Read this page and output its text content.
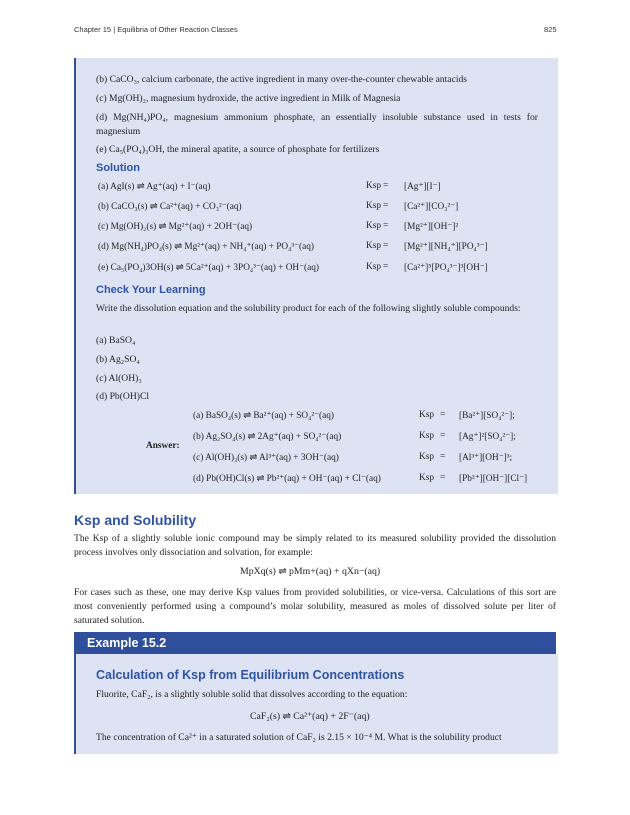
Chapter 15 | Equilibria of Other Reaction Classes	825
(b) CaCO₃, calcium carbonate, the active ingredient in many over-the-counter chewable antacids
(c) Mg(OH)₂, magnesium hydroxide, the active ingredient in Milk of Magnesia
(d) Mg(NH₄)PO₄, magnesium ammonium phosphate, an essentially insoluble substance used in tests for magnesium
(e) Ca₅(PO₄)₃OH, the mineral apatite, a source of phosphate for fertilizers
Solution
(a) AgI(s) ⇌ Ag⁺(aq) + I⁻(aq)	Ksp = [Ag⁺][I⁻]
(b) CaCO₃(s) ⇌ Ca²⁺(aq) + CO₃²⁻(aq)	Ksp = [Ca²⁺][CO₃²⁻]
(c) Mg(OH)₂(s) ⇌ Mg²⁺(aq) + 2OH⁻(aq)	Ksp = [Mg²⁺][OH⁻]²
(d) Mg(NH₄)PO₄(s) ⇌ Mg²⁺(aq) + NH₄⁺(aq) + PO₄³⁻(aq)	Ksp = [Mg²⁺][NH₄⁺][PO₄³⁻]
(e) Ca₅(PO₄)3OH(s) ⇌ 5Ca²⁺(aq) + 3PO₄³⁻(aq) + OH⁻(aq)	Ksp = [Ca²⁺]⁵[PO₄³⁻]³[OH⁻]
Check Your Learning
Write the dissolution equation and the solubility product for each of the following slightly soluble compounds:
(a) BaSO₄
(b) Ag₂SO₄
(c) Al(OH)₃
(d) Pb(OH)Cl
Answer:
(a) BaSO₄(s) ⇌ Ba²⁺(aq) + SO₄²⁻(aq)	Ksp = [Ba²⁺][SO₄²⁻];
(b) Ag₂SO₄(s) ⇌ 2Ag⁺(aq) + SO₄²⁻(aq)	Ksp = [Ag⁺]²[SO₄²⁻];
(c) Al(OH)₃(s) ⇌ Al³⁺(aq) + 3OH⁻(aq)	Ksp = [Al³⁺][OH⁻]³;
(d) Pb(OH)Cl(s) ⇌ Pb²⁺(aq) + OH⁻(aq) + Cl⁻(aq)	Ksp = [Pb²⁺][OH⁻][Cl⁻]
Ksp and Solubility
The Ksp of a slightly soluble ionic compound may be simply related to its measured solubility provided the dissolution process involves only dissociation and solvation, for example:
MpXq(s) ⇌ pMm+(aq) + qXn−(aq)
For cases such as these, one may derive Ksp values from provided solubilities, or vice-versa. Calculations of this sort are most conveniently performed using a compound’s molar solubility, measured as moles of dissolved solute per liter of saturated solution.
Example 15.2
Calculation of Ksp from Equilibrium Concentrations
Fluorite, CaF₂, is a slightly soluble solid that dissolves according to the equation:
CaF₂(s) ⇌ Ca²⁺(aq) + 2F⁻(aq)
The concentration of Ca²⁺ in a saturated solution of CaF₂ is 2.15 × 10⁻⁴ M. What is the solubility product
